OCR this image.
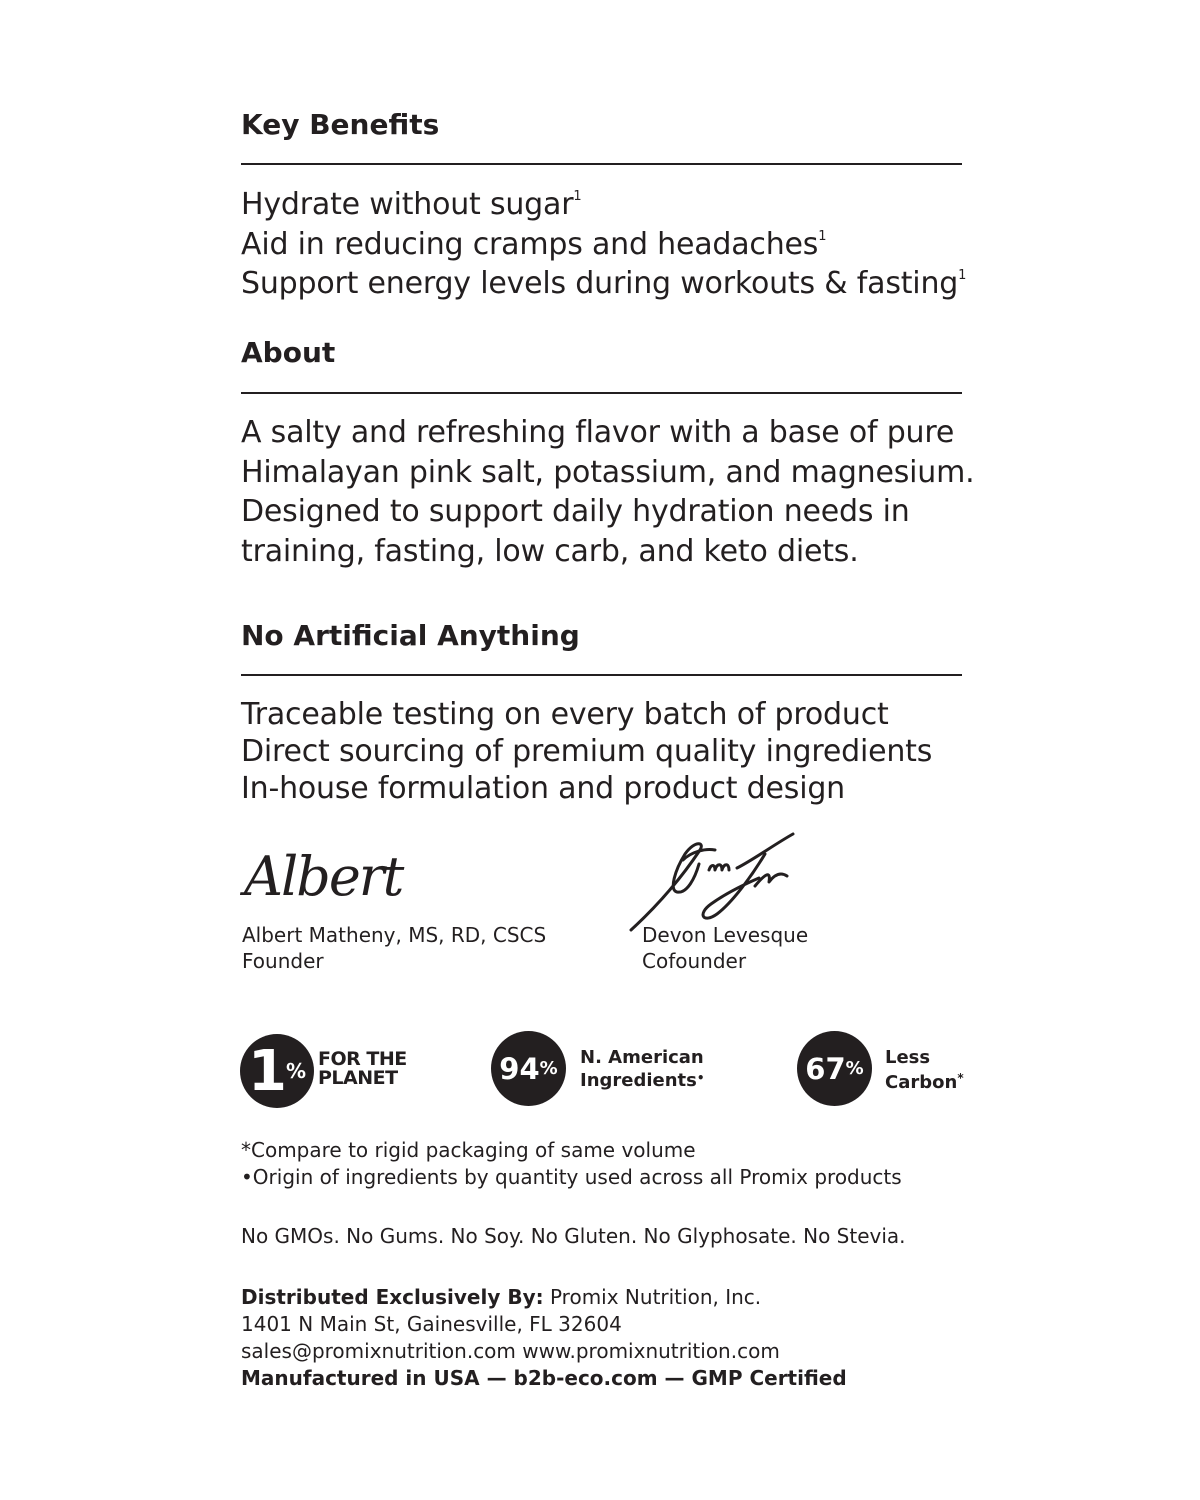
Key Benefits
Hydrate without sugar$^1$
Aid in reducing cramps and headaches$^1$
Support energy levels during workouts & fasting$^1$
About
A salty and refreshing flavor with a base of pure
Himalayan pink salt, potassium, and magnesium.
Designed to support daily hydration needs in
training, fasting, low carb, and keto diets.
No Artificial Anything
Traceable testing on every batch of product
Direct sourcing of premium quality ingredients
In-house formulation and product design
Albert
Albert Matheny, MS, RD, CSCS
Founder
Devon Levesque
Cofounder
1 % FOR THE
PLANET	94 %
N. American
Ingredients•	67 %
Less
Carbon*
*Compare to rigid packaging of same volume
•Origin of ingredients by quantity used across all Promix products
No GMOs. No Gums. No Soy. No Gluten. No Glyphosate. No Stevia.
Distributed Exclusively By: Promix Nutrition, Inc.
1401 N Main St, Gainesville, FL 32604
sales@promixnutrition.com www.promixnutrition.com
Manufactured in USA — b2b-eco.com — GMP Certified
